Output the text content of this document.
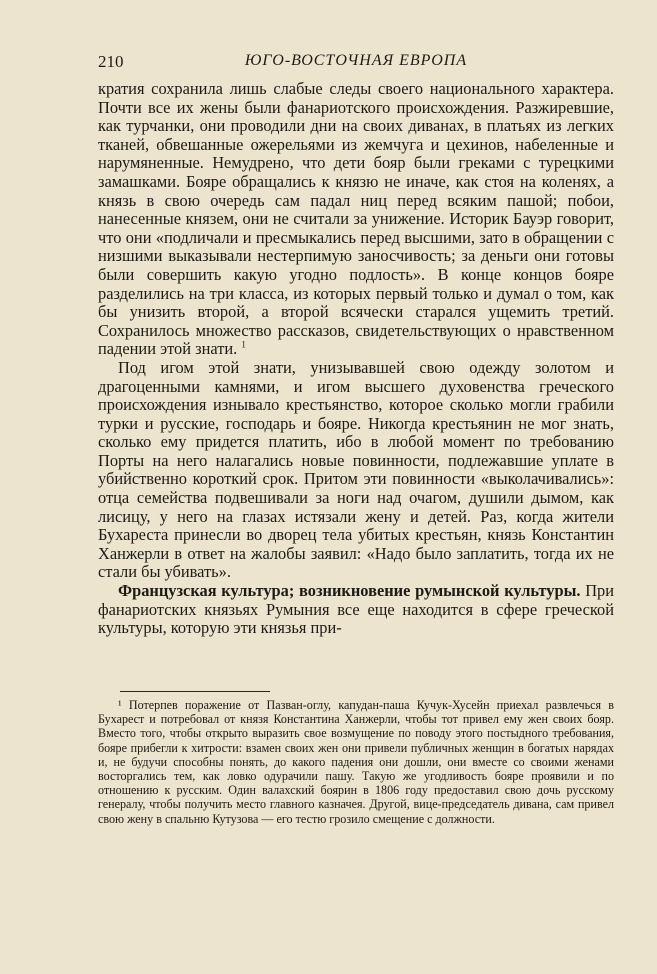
210	ЮГО-ВОСТОЧНАЯ ЕВРОПА

кратия сохранила лишь слабые следы своего национального характера. Почти все их жены были фанариотского происхождения. Разжиревшие, как турчанки, они проводили дни на своих диванах, в платьях из легких тканей, обвешанные ожерельями из жемчуга и цехинов, набеленные и нарумяненные. Немудрено, что дети бояр были греками с турецкими замашками. Бояре обращались к князю не иначе, как стоя на коленях, а князь в свою очередь сам падал ниц перед всяким пашой; побои, нанесенные князем, они не считали за унижение. Историк Бауэр говорит, что они «подличали и пресмыкались перед высшими, зато в обращении с низшими выказывали нестерпимую заносчивость; за деньги они готовы были совершить какую угодно подлость». В конце концов бояре разделились на три класса, из которых первый только и думал о том, как бы унизить второй, а второй всячески старался ущемить третий. Сохранилось множество рассказов, свидетельствующих о нравственном падении этой знати. $^1$

Под игом этой знати, унизывавшей свою одежду золотом и драгоценными камнями, и игом высшего духовенства греческого происхождения изнывало крестьянство, которое сколько могли грабили турки и русские, господарь и бояре. Никогда крестьянин не мог знать, сколько ему придется платить, ибо в любой момент по требованию Порты на него налагались новые повинности, подлежавшие уплате в убийственно короткий срок. Притом эти повинности «выколачивались»: отца семейства подвешивали за ноги над очагом, душили дымом, как лисицу, у него на глазах истязали жену и детей. Раз, когда жители Бухареста принесли во дворец тела убитых крестьян, князь Константин Ханжерли в ответ на жалобы заявил: «Надо было заплатить, тогда их не стали бы убивать».

Французская культура; возникновение румынской культуры. При фанариотских князьях Румыния все еще находится в сфере греческой культуры, которую эти князья при-

¹ Потерпев поражение от Пазван-оглу, капудан-паша Кучук-Хусейн приехал развлечься в Бухарест и потребовал от князя Константина Ханжерли, чтобы тот привел ему жен своих бояр. Вместо того, чтобы открыто выразить свое возмущение по поводу этого постыдного требования, бояре прибегли к хитрости: взамен своих жен они привели публичных женщин в богатых нарядах и, не будучи способны понять, до какого падения они дошли, они вместе со своими женами восторгались тем, как ловко одурачили пашу. Такую же угодливость бояре проявили и по отношению к русским. Один валахский боярин в 1806 году предоставил свою дочь русскому генералу, чтобы получить место главного казначея. Другой, вице-председатель дивана, сам привел свою жену в спальню Кутузова — его тестю грозило смещение с должности.
